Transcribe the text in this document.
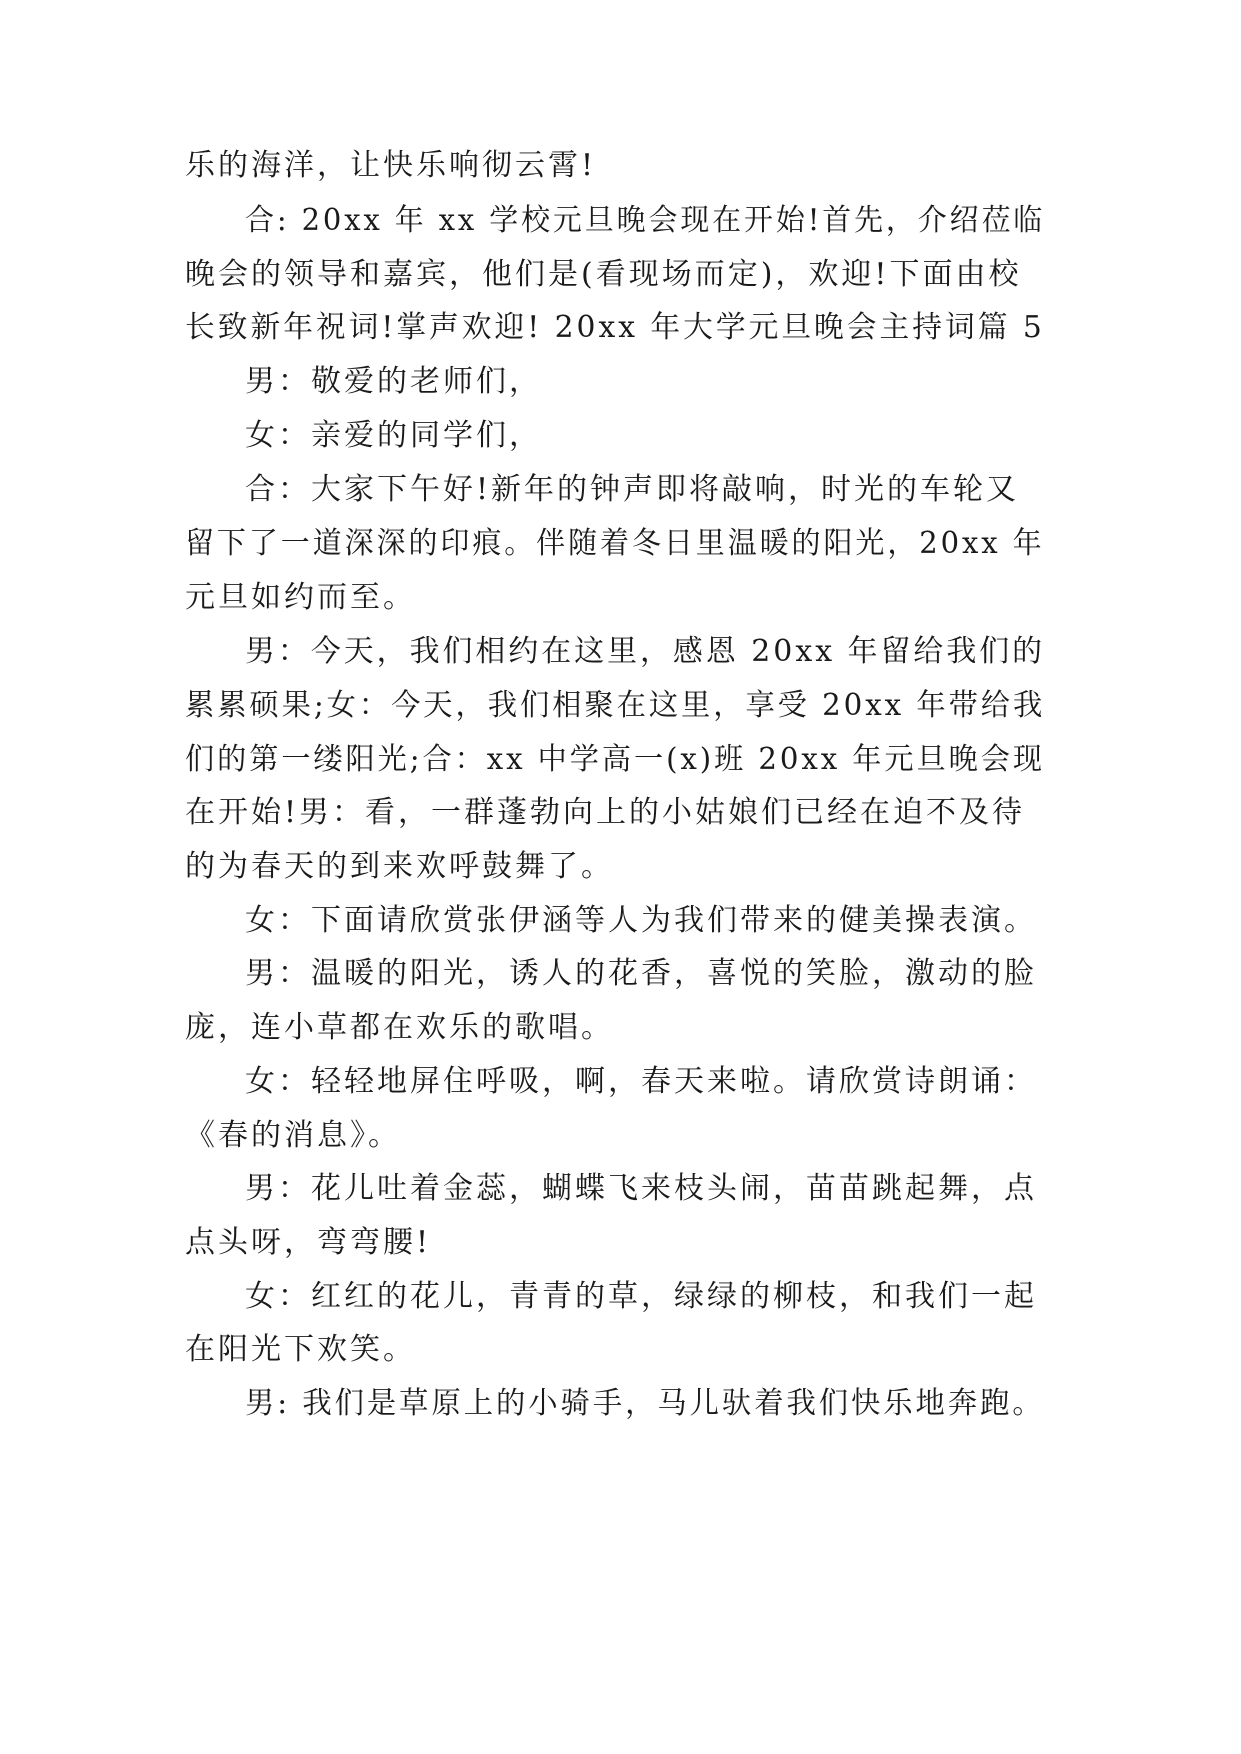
乐的海洋，让快乐响彻云霄!

合: 20xx 年 xx 学校元旦晚会现在开始!首先，介绍莅临

晚会的领导和嘉宾，他们是(看现场而定)，欢迎!下面由校

长致新年祝词!掌声欢迎! 20xx 年大学元旦晚会主持词篇 5

男：敬爱的老师们，

女：亲爱的同学们，

合：大家下午好!新年的钟声即将敲响，时光的车轮又

留下了一道深深的印痕。伴随着冬日里温暖的阳光，20xx 年

元旦如约而至。

男：今天，我们相约在这里，感恩 20xx 年留给我们的

累累硕果;女：今天，我们相聚在这里，享受 20xx 年带给我

们的第一缕阳光;合：xx 中学高一(x)班 20xx 年元旦晚会现

在开始!男：看，一群蓬勃向上的小姑娘们已经在迫不及待

的为春天的到来欢呼鼓舞了。

女：下面请欣赏张伊涵等人为我们带来的健美操表演。

男：温暖的阳光，诱人的花香，喜悦的笑脸，激动的脸

庞，连小草都在欢乐的歌唱。

女：轻轻地屏住呼吸，啊，春天来啦。请欣赏诗朗诵：

《春的消息》。

男：花儿吐着金蕊，蝴蝶飞来枝头闹，苗苗跳起舞，点

点头呀，弯弯腰!

女：红红的花儿，青青的草，绿绿的柳枝，和我们一起

在阳光下欢笑。

男: 我们是草原上的小骑手，马儿驮着我们快乐地奔跑。
